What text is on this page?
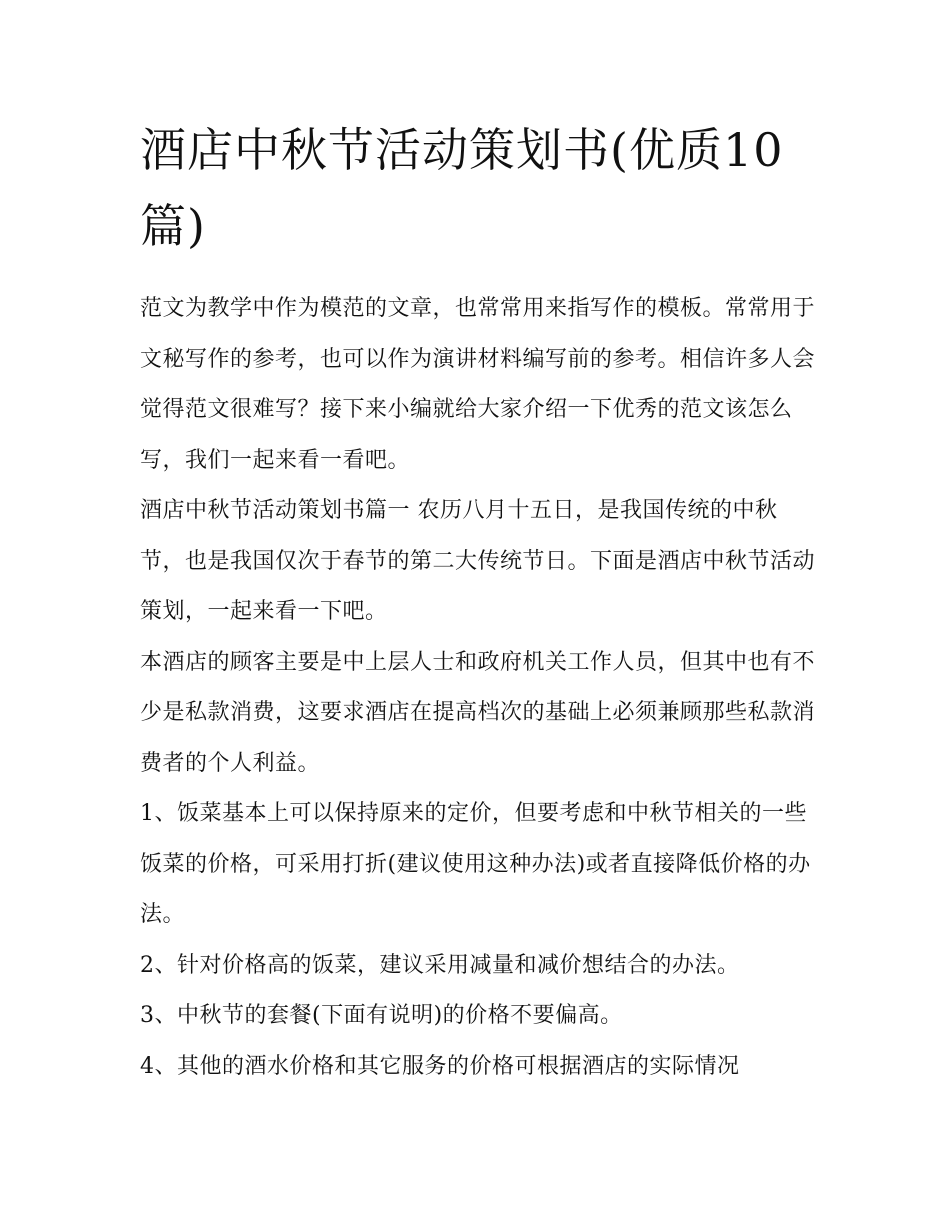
酒店中秋节活动策划书(优质10篇)

范文为教学中作为模范的文章，也常常用来指写作的模板。常常用于文秘写作的参考，也可以作为演讲材料编写前的参考。相信许多人会觉得范文很难写？接下来小编就给大家介绍一下优秀的范文该怎么写，我们一起来看一看吧。

酒店中秋节活动策划书篇一 农历八月十五日，是我国传统的中秋节，也是我国仅次于春节的第二大传统节日。下面是酒店中秋节活动策划，一起来看一下吧。

本酒店的顾客主要是中上层人士和政府机关工作人员，但其中也有不少是私款消费，这要求酒店在提高档次的基础上必须兼顾那些私款消费者的个人利益。

1、饭菜基本上可以保持原来的定价，但要考虑和中秋节相关的一些饭菜的价格，可采用打折(建议使用这种办法)或者直接降低价格的办法。

2、针对价格高的饭菜，建议采用减量和减价想结合的办法。

3、中秋节的套餐(下面有说明)的价格不要偏高。

4、其他的酒水价格和其它服务的价格可根据酒店的实际情况
